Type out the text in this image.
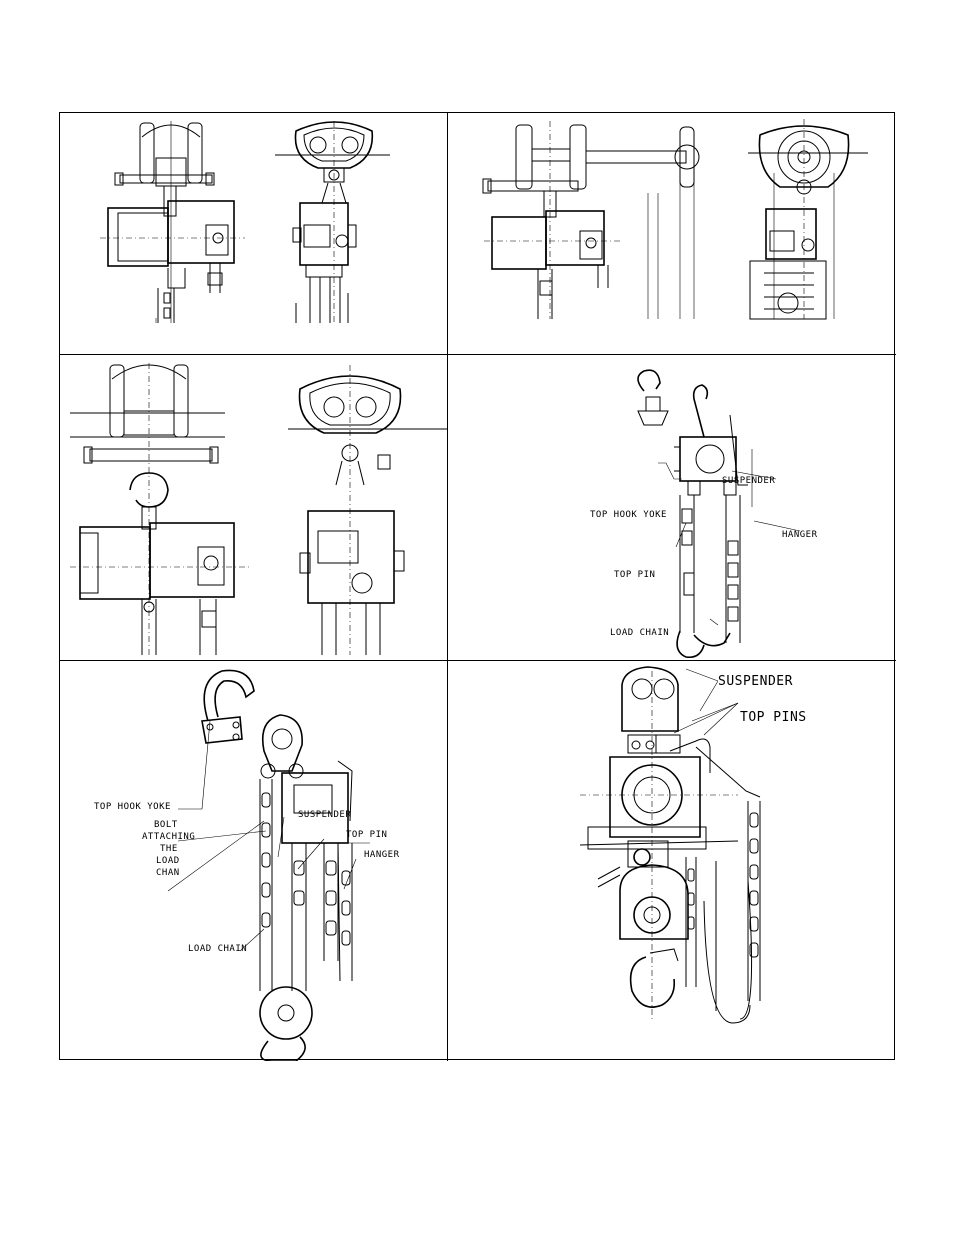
SUSPENDER
TOP HOOK YOKE
HANGER
TOP PIN
LOAD CHAIN
TOP HOOK YOKE
SUSPENDER
TOP PIN
BOLT
ATTACHING
THE
LOAD
CHAN
HANGER
LOAD CHAIN
SUSPENDER
TOP PINS
